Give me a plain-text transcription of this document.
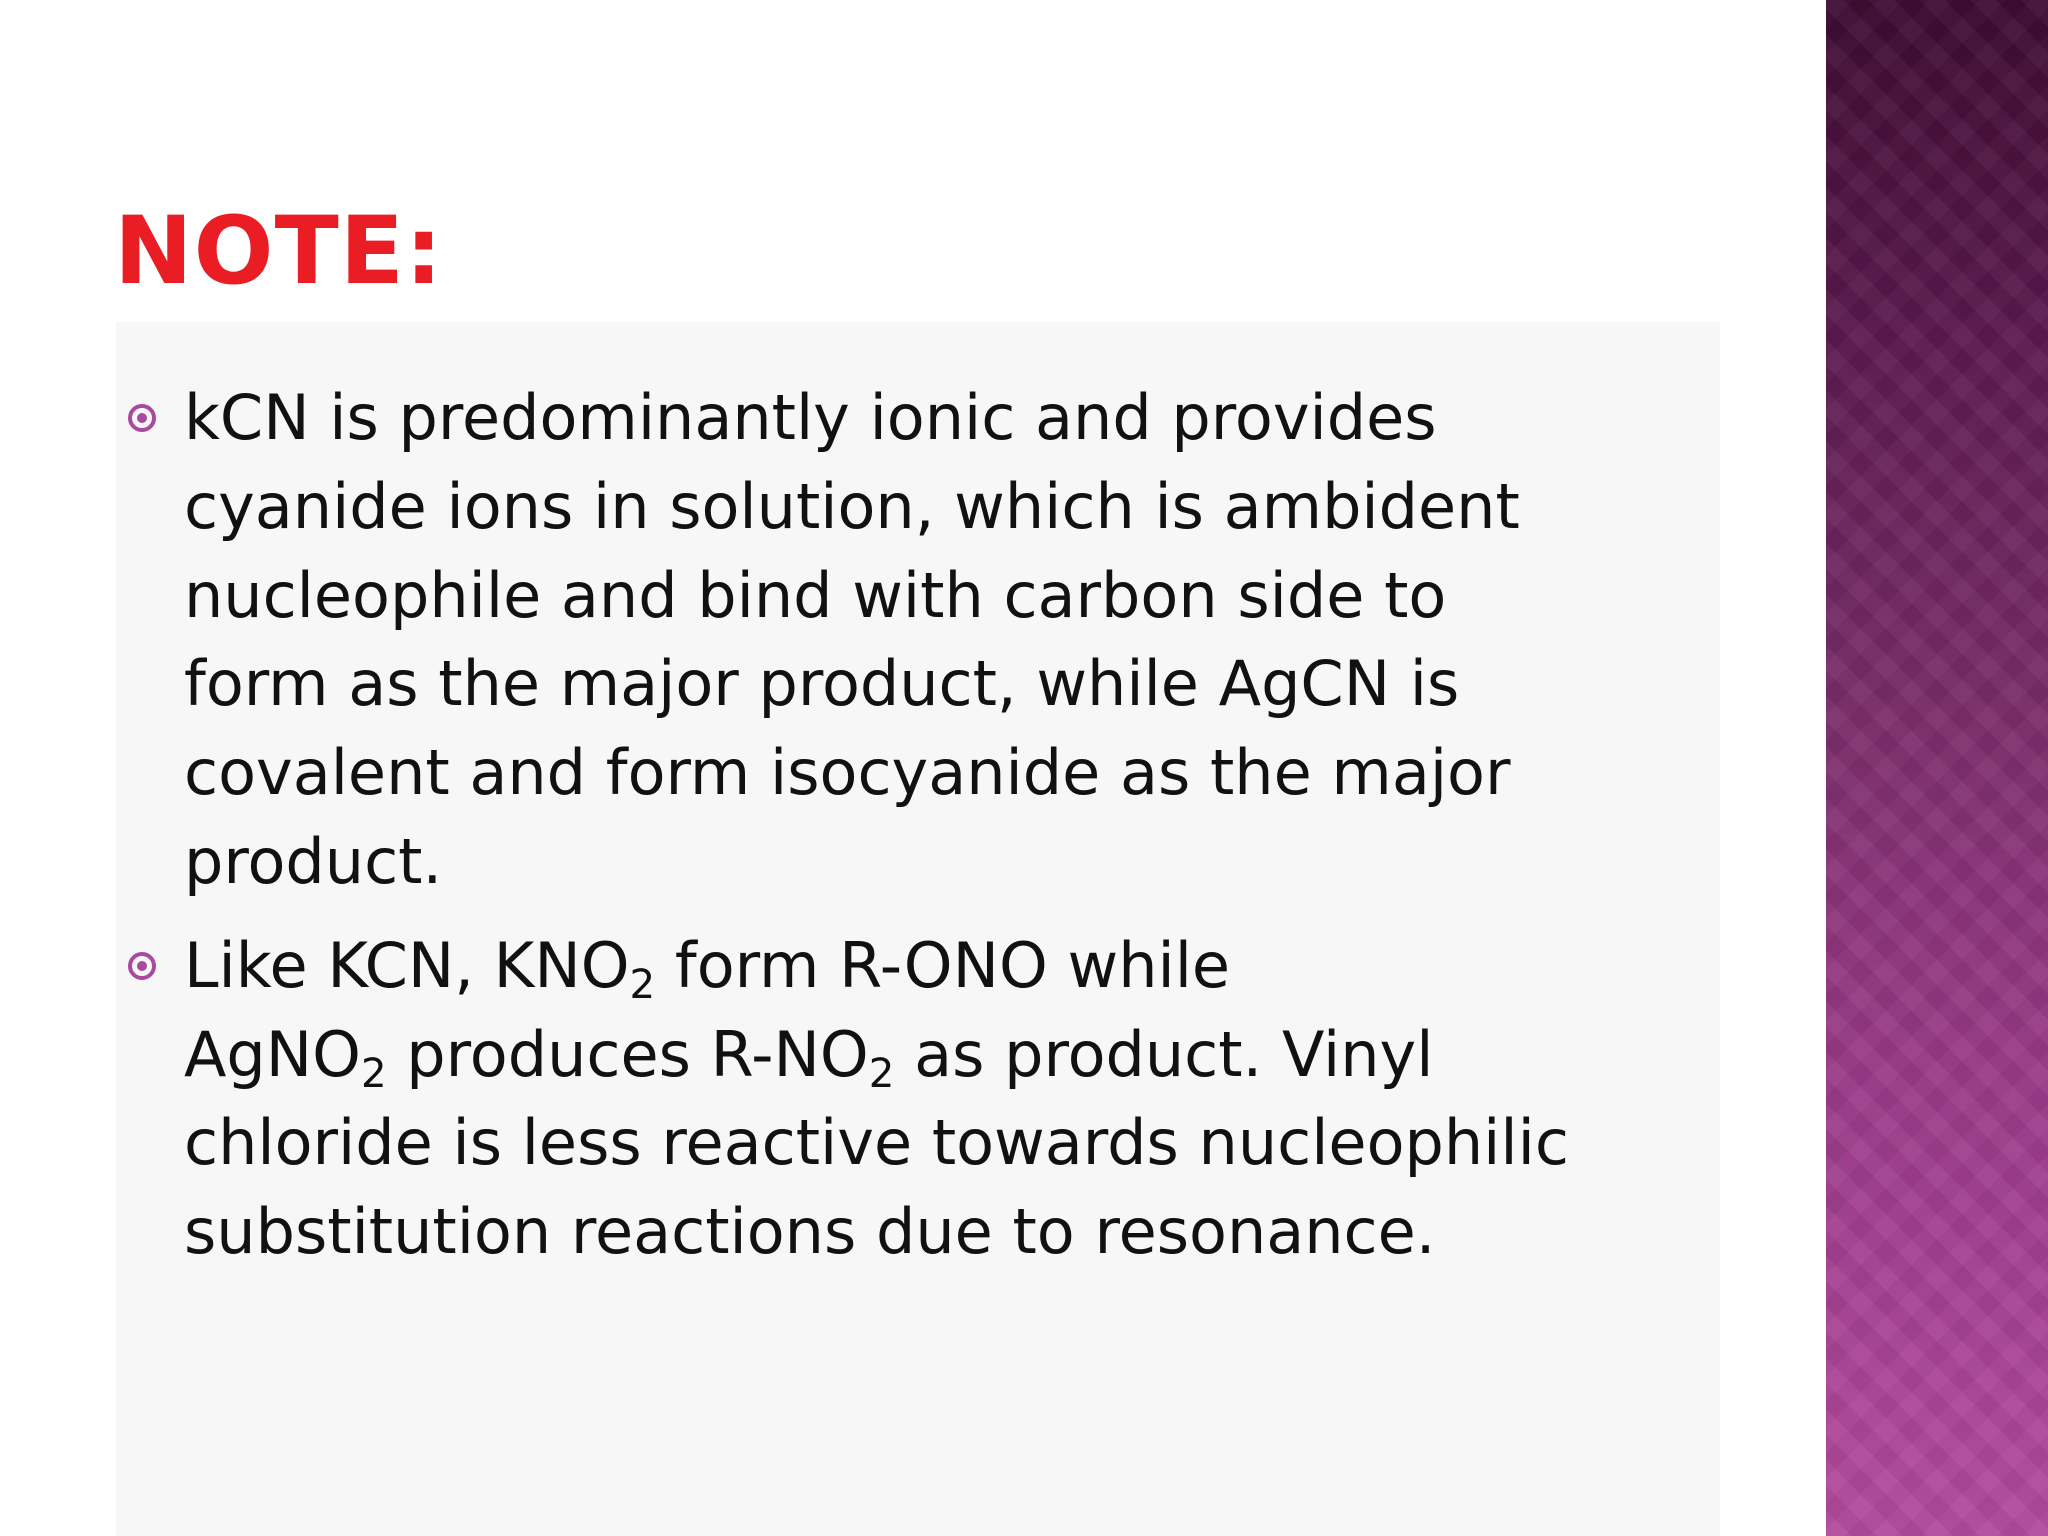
NOTE:
kCN is predominantly ionic and provides
cyanide ions in solution, which is ambident
nucleophile and bind with carbon side to
form as the major product, while AgCN is
covalent and form isocyanide as the major
product.
Like KCN, KNO2 form R-ONO while
AgNO2 produces R-NO2 as product. Vinyl
chloride is less reactive towards nucleophilic
substitution reactions due to resonance.
